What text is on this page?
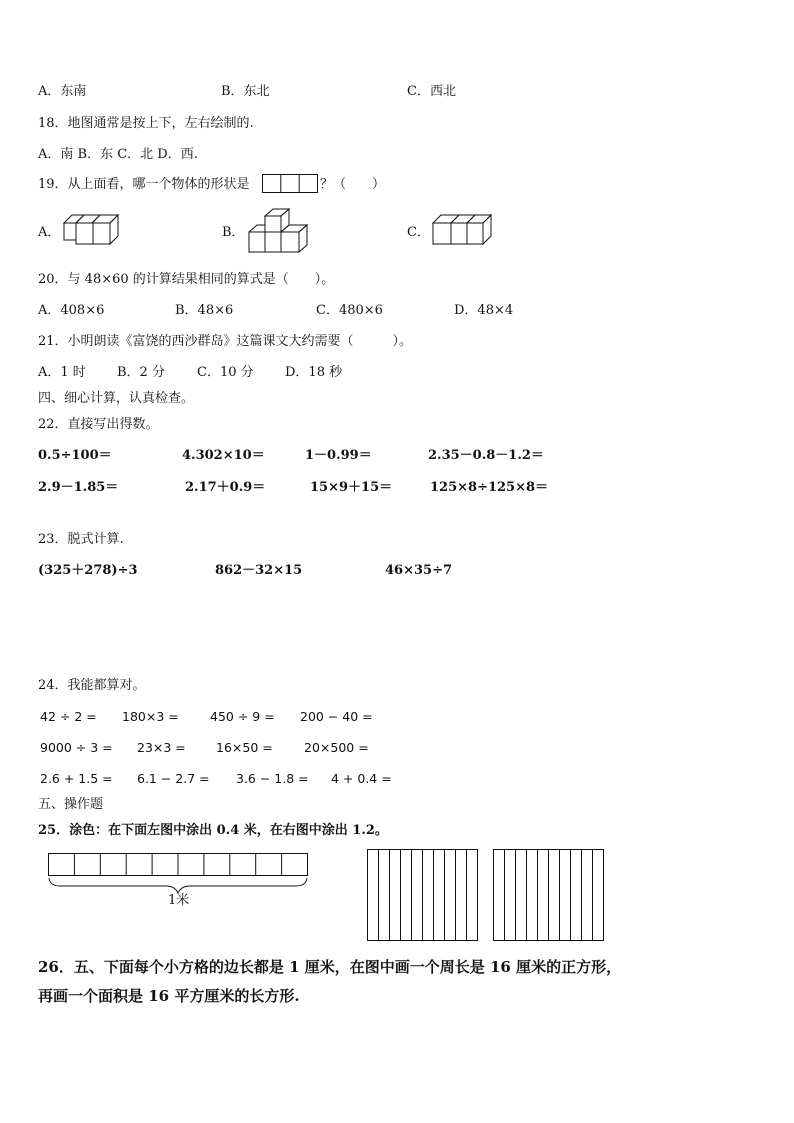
A．东南	B．东北	C．西北
18．地图通常是按上下，左右绘制的.
A．南 B．东 C．北 D．西.
19．从上面看，哪一个物体的形状是	？（　　）
A．	B．	C．
20．与 48×60 的计算结果相同的算式是（　　）。
A．408×6	B．48×6	C．480×6	D．48×4
21．小明朗读《富饶的西沙群岛》这篇课文大约需要（　　　）。
A．1 时 B．2 分 C．10 分 D．18 秒
四、细心计算，认真检查。
22．直接写出得数。
0.5÷100＝	4.302×10＝	1－0.99＝	2.35－0.8－1.2＝
2.9－1.85＝	2.17＋0.9＝	15×9＋15＝	125×8÷125×8＝
23．脱式计算.
(325＋278)÷3	862－32×15	46×35÷7
24．我能都算对。
42 ÷ 2 = 180×3 =	450 ÷ 9 = 200 − 40 =
9000 ÷ 3 = 23×3 = 16×50 =	20×500 =
2.6 + 1.5 = 6.1 − 2.7 = 3.6 − 1.8 = 4 + 0.4 =
五、操作题
25．涂色：在下面左图中涂出 0.4 米，在右图中涂出 1.2。
1米
26．五、下面每个小方格的边长都是 1 厘米，在图中画一个周长是 16 厘米的正方形，
再画一个面积是 16 平方厘米的长方形.
